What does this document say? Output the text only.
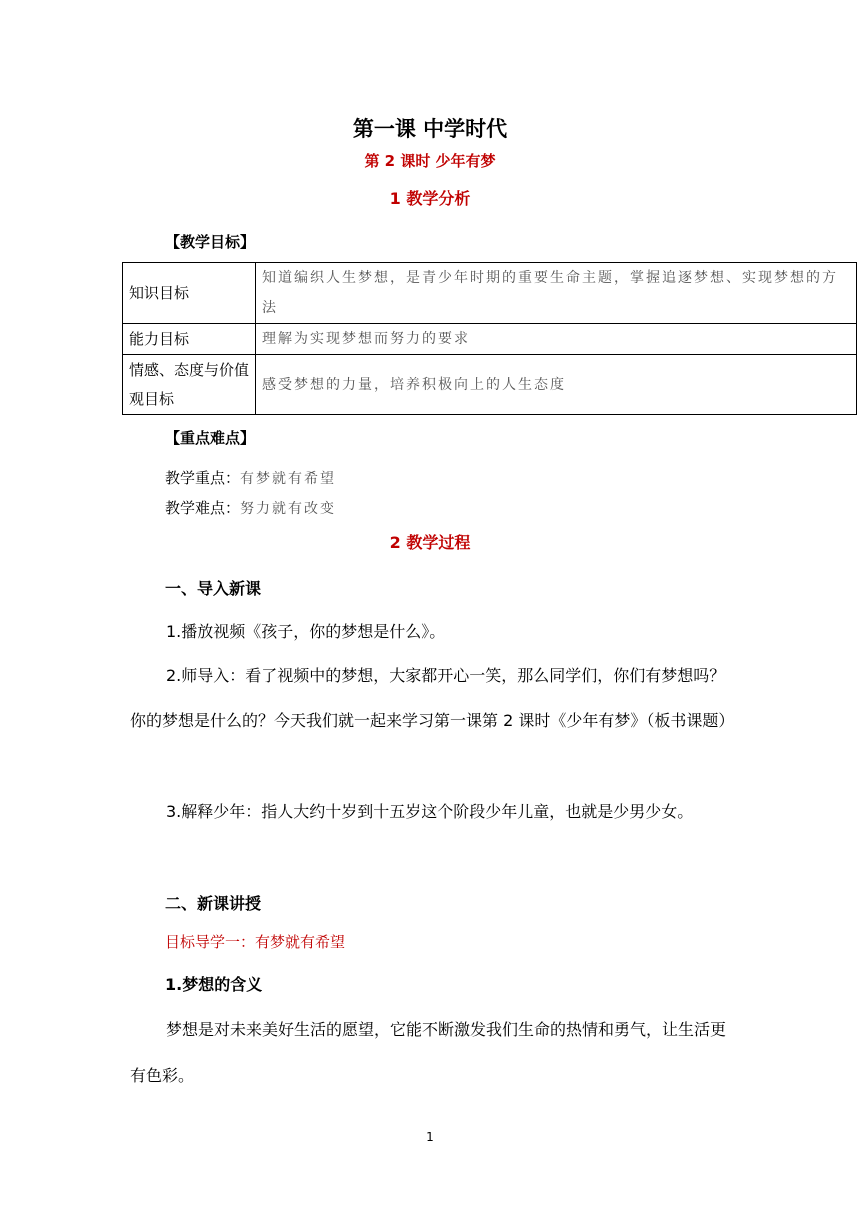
第一课 中学时代
第 2 课时 少年有梦
1 教学分析
【教学目标】
知识目标	知道编织人生梦想，是青少年时期的重要生命主题，掌握追逐梦想、实现梦想的方法
能力目标	理解为实现梦想而努力的要求
情感、态度与价值观目标	感受梦想的力量，培养积极向上的人生态度
【重点难点】
教学重点：有梦就有希望
教学难点：努力就有改变
2 教学过程
一、导入新课
1.播放视频《孩子，你的梦想是什么》。
2.师导入：看了视频中的梦想，大家都开心一笑，那么同学们，你们有梦想吗？你的梦想是什么的？今天我们就一起来学习第一课第 2 课时《少年有梦》（板书课题）
3.解释少年：指人大约十岁到十五岁这个阶段少年儿童，也就是少男少女。
二、新课讲授
目标导学一：有梦就有希望
1.梦想的含义
梦想是对未来美好生活的愿望，它能不断激发我们生命的热情和勇气，让生活更有色彩。
1
